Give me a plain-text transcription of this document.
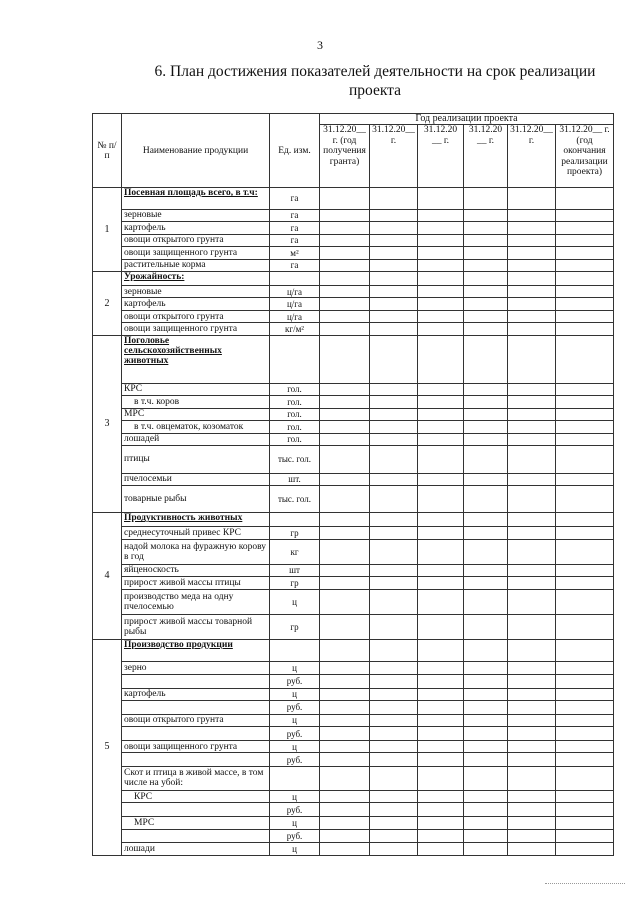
3
6. План достижения показателей деятельности на срок реализации
проекта
№ п/п	Наименование продукции	Ед. изм.	Год реализации проекта					
			31.12.20__ г. (год получения гранта)	31.12.20__ г.	31.12.20 __ г.	31.12.20 __ г.	31.12.20__ г.	31.12.20__ г. (год окончания реализации проекта)
1	Посевная площадь всего, в т.ч:	га						
	зерновые	га						
	картофель	га						
	овощи открытого грунта	га						
	овощи защищенного грунта	м²						
	растительные корма	га						
2	Урожайность:							
	зерновые	ц/га						
	картофель	ц/га						
	овощи открытого грунта	ц/га						
	овощи защищенного грунта	кг/м²						
3	Поголовье сельскохозяйственных животных							
	КРС	гол.						
	в т.ч. коров	гол.						
	МРС	гол.						
	в т.ч. овцематок, козоматок	гол.						
	лошадей	гол.						
	птицы	тыс. гол.						
	пчелосемьи	шт.						
	товарные рыбы	тыс. гол.						
4	Продуктивность животных							
	среднесуточный привес КРС	гр						
	надой молока на фуражную корову в год	кг						
	яйценоскость	шт						
	прирост живой массы птицы	гр						
	производство меда на одну пчелосемью	ц						
	прирост живой массы товарной рыбы	гр						
5	Производство продукции							
	зерно	ц						
		руб.						
	картофель	ц						
		руб.						
	овощи открытого грунта	ц						
		руб.						
	овощи защищенного грунта	ц						
		руб.						
	Скот и птица в живой массе, в том числе на убой:							
	КРС	ц						
		руб.						
	МРС	ц						
		руб.						
	лошади	ц						
